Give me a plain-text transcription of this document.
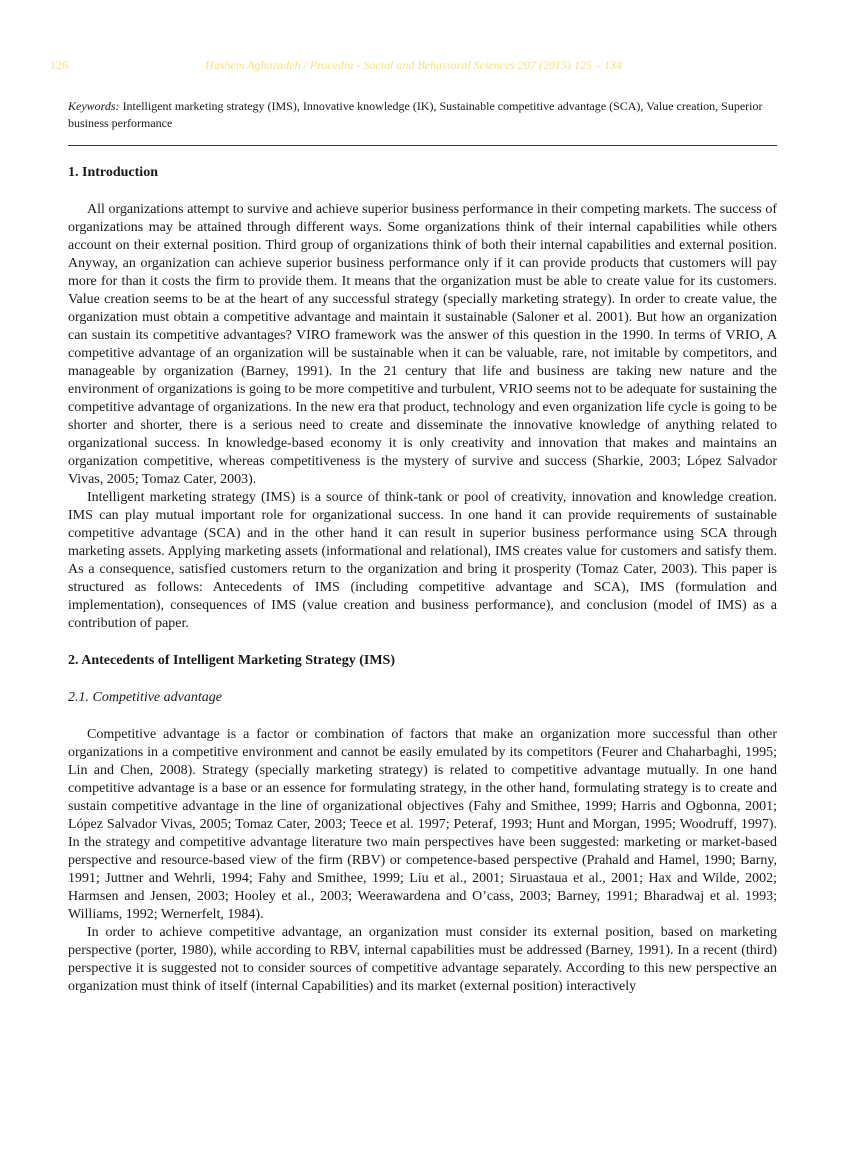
126	Hashem Aghazadeh / Procedia - Social and Behavioral Sciences 207 (2015) 125 – 134
Keywords: Intelligent marketing strategy (IMS), Innovative knowledge (IK), Sustainable competitive advantage (SCA), Value creation, Superior business performance
1. Introduction

All organizations attempt to survive and achieve superior business performance in their competing markets. The success of organizations may be attained through different ways. Some organizations think of their internal capabilities while others account on their external position. Third group of organizations think of both their internal capabilities and external position. Anyway, an organization can achieve superior business performance only if it can provide products that customers will pay more for than it costs the firm to provide them. It means that the organization must be able to create value for its customers. Value creation seems to be at the heart of any successful strategy (specially marketing strategy). In order to create value, the organization must obtain a competitive advantage and maintain it sustainable (Saloner et al. 2001). But how an organization can sustain its competitive advantages? VIRO framework was the answer of this question in the 1990. In terms of VRIO, A competitive advantage of an organization will be sustainable when it can be valuable, rare, not imitable by competitors, and manageable by organization (Barney, 1991). In the 21 century that life and business are taking new nature and the environment of organizations is going to be more competitive and turbulent, VRIO seems not to be adequate for sustaining the competitive advantage of organizations. In the new era that product, technology and even organization life cycle is going to be shorter and shorter, there is a serious need to create and disseminate the innovative knowledge of anything related to organizational success. In knowledge-based economy it is only creativity and innovation that makes and maintains an organization competitive, whereas competitiveness is the mystery of survive and success (Sharkie, 2003; López Salvador Vivas, 2005; Tomaz Cater, 2003).

Intelligent marketing strategy (IMS) is a source of think-tank or pool of creativity, innovation and knowledge creation. IMS can play mutual important role for organizational success. In one hand it can provide requirements of sustainable competitive advantage (SCA) and in the other hand it can result in superior business performance using SCA through marketing assets. Applying marketing assets (informational and relational), IMS creates value for customers and satisfy them. As a consequence, satisfied customers return to the organization and bring it prosperity (Tomaz Cater, 2003). This paper is structured as follows: Antecedents of IMS (including competitive advantage and SCA), IMS (formulation and implementation), consequences of IMS (value creation and business performance), and conclusion (model of IMS) as a contribution of paper.

2. Antecedents of Intelligent Marketing Strategy (IMS)
2.1. Competitive advantage

Competitive advantage is a factor or combination of factors that make an organization more successful than other organizations in a competitive environment and cannot be easily emulated by its competitors (Feurer and Chaharbaghi, 1995; Lin and Chen, 2008). Strategy (specially marketing strategy) is related to competitive advantage mutually. In one hand competitive advantage is a base or an essence for formulating strategy, in the other hand, formulating strategy is to create and sustain competitive advantage in the line of organizational objectives (Fahy and Smithee, 1999; Harris and Ogbonna, 2001; López Salvador Vivas, 2005; Tomaz Cater, 2003; Teece et al. 1997; Peteraf, 1993; Hunt and Morgan, 1995; Woodruff, 1997). In the strategy and competitive advantage literature two main perspectives have been suggested: marketing or market-based perspective and resource-based view of the firm (RBV) or competence-based perspective (Prahald and Hamel, 1990; Barny, 1991; Juttner and Wehrli, 1994; Fahy and Smithee, 1999; Liu et al., 2001; Siruastaua et al., 2001; Hax and Wilde, 2002; Harmsen and Jensen, 2003; Hooley et al., 2003; Weerawardena and O’cass, 2003; Barney, 1991; Bharadwaj et al. 1993; Williams, 1992; Wernerfelt, 1984).

In order to achieve competitive advantage, an organization must consider its external position, based on marketing perspective (porter, 1980), while according to RBV, internal capabilities must be addressed (Barney, 1991). In a recent (third) perspective it is suggested not to consider sources of competitive advantage separately. According to this new perspective an organization must think of itself (internal Capabilities) and its market (external position) interactively
